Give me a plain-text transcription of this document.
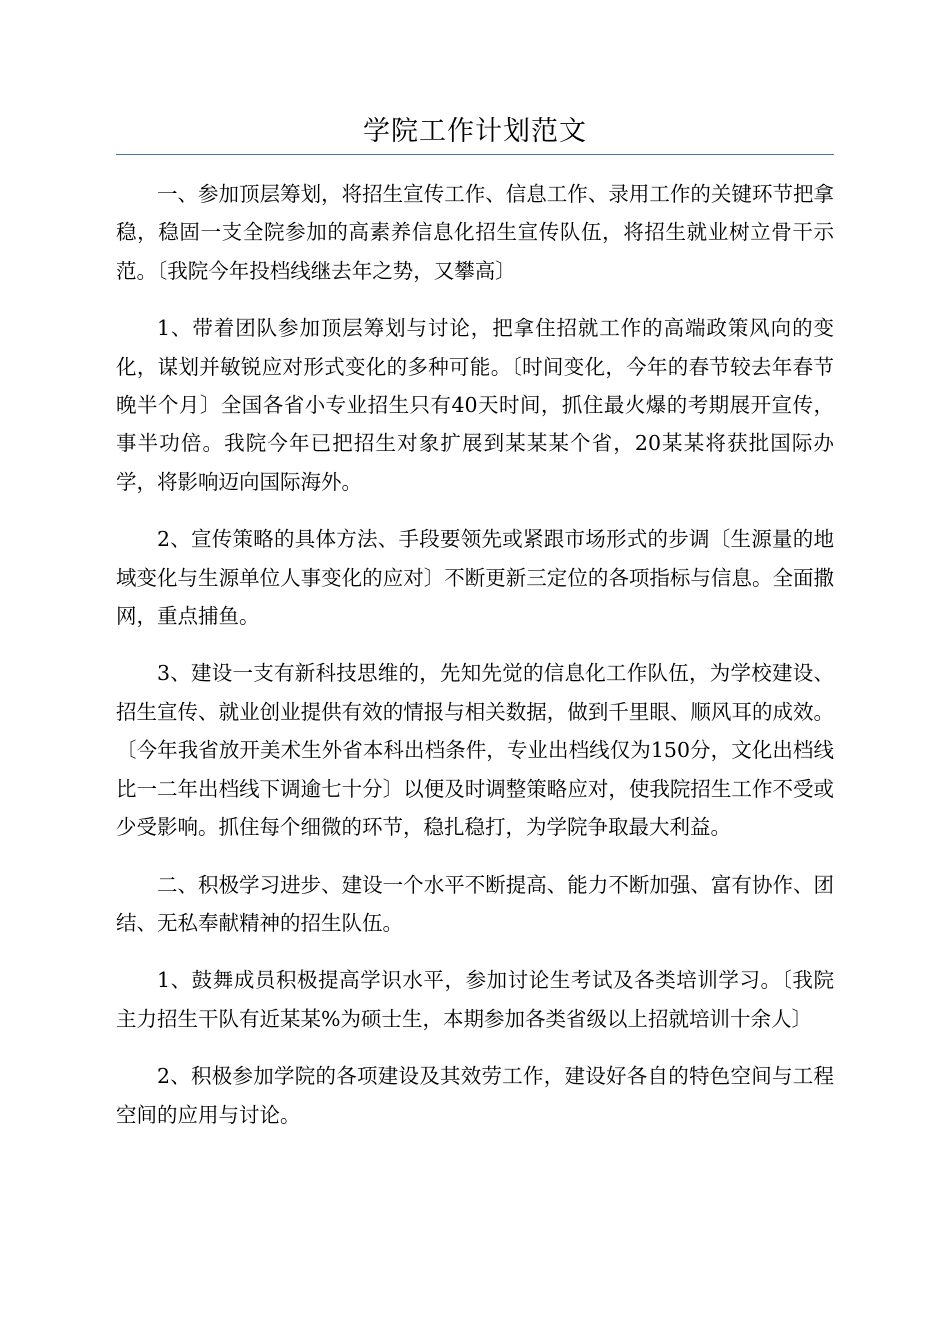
学院工作计划范文

一、参加顶层筹划，将招生宣传工作、信息工作、录用工作的关键环节把拿稳，稳固一支全院参加的高素养信息化招生宣传队伍，将招生就业树立骨干示范。〔我院今年投档线继去年之势，又攀高〕

1、带着团队参加顶层筹划与讨论，把拿住招就工作的高端政策风向的变化，谋划并敏锐应对形式变化的多种可能。〔时间变化，今年的春节较去年春节晚半个月〕全国各省小专业招生只有40天时间，抓住最火爆的考期展开宣传，事半功倍。我院今年已把招生对象扩展到某某某个省，20某某将获批国际办学，将影响迈向国际海外。

2、宣传策略的具体方法、手段要领先或紧跟市场形式的步调〔生源量的地域变化与生源单位人事变化的应对〕不断更新三定位的各项指标与信息。全面撒网，重点捕鱼。

3、建设一支有新科技思维的，先知先觉的信息化工作队伍，为学校建设、招生宣传、就业创业提供有效的情报与相关数据，做到千里眼、顺风耳的成效。〔今年我省放开美术生外省本科出档条件，专业出档线仅为150分，文化出档线比一二年出档线下调逾七十分〕以便及时调整策略应对，使我院招生工作不受或少受影响。抓住每个细微的环节，稳扎稳打，为学院争取最大利益。

二、积极学习进步、建设一个水平不断提高、能力不断加强、富有协作、团结、无私奉献精神的招生队伍。

1、鼓舞成员积极提高学识水平，参加讨论生考试及各类培训学习。〔我院主力招生干队有近某某%为硕士生，本期参加各类省级以上招就培训十余人〕

2、积极参加学院的各项建设及其效劳工作，建设好各自的特色空间与工程空间的应用与讨论。
